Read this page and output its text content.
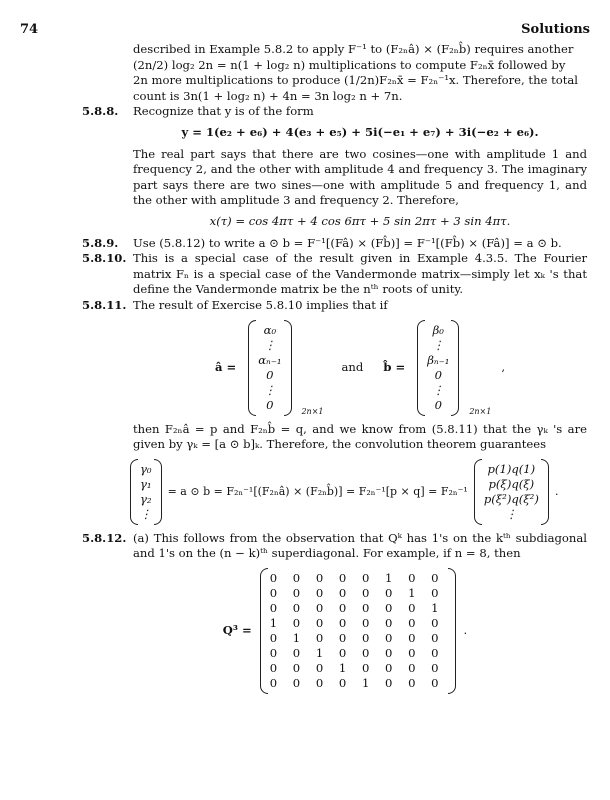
74	Solutions

described in Example 5.8.2 to apply F⁻¹ to (F₂ₙâ) × (F₂ₙb̂) requires another
(2n/2) log₂ 2n = n(1 + log₂ n) multiplications to compute F₂ₙx̄ followed by
2n more multiplications to produce (1/2n)F₂ₙx̄ = F₂ₙ⁻¹x. Therefore, the total
count is 3n(1 + log₂ n) + 4n = 3n log₂ n + 7n.

5.8.8. Recognize that y is of the form

y = 1(e₂ + e₆) + 4(e₃ + e₅) + 5i(−e₁ + e₇) + 3i(−e₂ + e₆).

The real part says that there are two cosines—one with amplitude 1 and frequency 2, and the other with amplitude 4 and frequency 3. The imaginary part says there are two sines—one with amplitude 5 and frequency 1, and the other with amplitude 3 and frequency 2. Therefore,

x(τ) = cos 4πτ + 4 cos 6πτ + 5 sin 2πτ + 3 sin 4πτ.

5.8.9. Use (5.8.12) to write a ⊙ b = F⁻¹[(Fâ) × (Fb̂)] = F⁻¹[(Fb̂) × (Fâ)] = a ⊙ b.

5.8.10. This is a special case of the result given in Example 4.3.5. The Fourier matrix Fₙ is a special case of the Vandermonde matrix—simply let xₖ 's that define the Vandermonde matrix be the nᵗʰ roots of unity.

5.8.11. The result of Exercise 5.8.10 implies that if

â =
α₀
⋮
αₙ₋₁
0
⋮
0	2n×1
and b̂ =
β₀
⋮
βₙ₋₁
0
⋮
0	2n×1
,

then F₂ₙâ = p and F₂ₙb̂ = q, and we know from (5.8.11) that the γₖ 's are given by γₖ = [a ⊙ b]ₖ. Therefore, the convolution theorem guarantees

γ₀
γ₁
γ₂
⋮
= a ⊙ b = F₂ₙ⁻¹[(F₂ₙâ) × (F₂ₙb̂)] = F₂ₙ⁻¹[p × q] = F₂ₙ⁻¹
p(1)q(1)
p(ξ)q(ξ)
p(ξ²)q(ξ²)
⋮
.

5.8.12. (a) This follows from the observation that Qᵏ has 1's on the kᵗʰ subdiagonal and 1's on the (n − k)ᵗʰ superdiagonal. For example, if n = 8, then

Q³ =
0 0 0 0 0 1 0 0
0 0 0 0 0 0 1 0
0 0 0 0 0 0 0 1
1 0 0 0 0 0 0 0
0 1 0 0 0 0 0 0
0 0 1 0 0 0 0 0
0 0 0 1 0 0 0 0
0 0 0 0 1 0 0 0
.
